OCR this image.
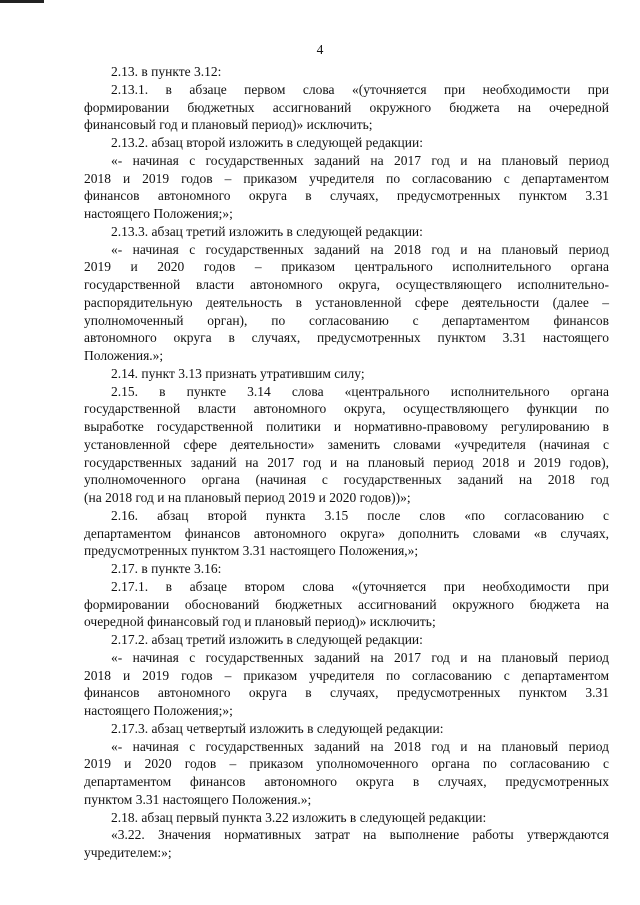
4
2.13. в пункте 3.12:
2.13.1. в абзаце первом слова «(уточняется при необходимости при
формировании бюджетных ассигнований окружного бюджета на очередной
финансовый год и плановый период)» исключить;
2.13.2. абзац второй изложить в следующей редакции:
«- начиная с государственных заданий на 2017 год и на плановый период
2018 и 2019 годов – приказом учредителя по согласованию с департаментом
финансов автономного округа в случаях, предусмотренных пунктом 3.31
настоящего Положения;»;
2.13.3. абзац третий изложить в следующей редакции:
«- начиная с государственных заданий на 2018 год и на плановый период
2019 и 2020 годов – приказом центрального исполнительного органа
государственной власти автономного округа, осуществляющего исполнительно-
распорядительную деятельность в установленной сфере деятельности (далее –
уполномоченный орган), по согласованию с департаментом финансов
автономного округа в случаях, предусмотренных пунктом 3.31 настоящего
Положения.»;
2.14. пункт 3.13 признать утратившим силу;
2.15. в пункте 3.14 слова «центрального исполнительного органа
государственной власти автономного округа, осуществляющего функции по
выработке государственной политики и нормативно-правовому регулированию в
установленной сфере деятельности» заменить словами «учредителя (начиная с
государственных заданий на 2017 год и на плановый период 2018 и 2019 годов),
уполномоченного органа (начиная с государственных заданий на 2018 год
(на 2018 год и на плановый период 2019 и 2020 годов))»;
2.16. абзац второй пункта 3.15 после слов «по согласованию с
департаментом финансов автономного округа» дополнить словами «в случаях,
предусмотренных пунктом 3.31 настоящего Положения,»;
2.17. в пункте 3.16:
2.17.1. в абзаце втором слова «(уточняется при необходимости при
формировании обоснований бюджетных ассигнований окружного бюджета на
очередной финансовый год и плановый период)» исключить;
2.17.2. абзац третий изложить в следующей редакции:
«- начиная с государственных заданий на 2017 год и на плановый период
2018 и 2019 годов – приказом учредителя по согласованию с департаментом
финансов автономного округа в случаях, предусмотренных пунктом 3.31
настоящего Положения;»;
2.17.3. абзац четвертый изложить в следующей редакции:
«- начиная с государственных заданий на 2018 год и на плановый период
2019 и 2020 годов – приказом уполномоченного органа по согласованию с
департаментом финансов автономного округа в случаях, предусмотренных
пунктом 3.31 настоящего Положения.»;
2.18. абзац первый пункта 3.22 изложить в следующей редакции:
«3.22. Значения нормативных затрат на выполнение работы утверждаются
учредителем:»;
